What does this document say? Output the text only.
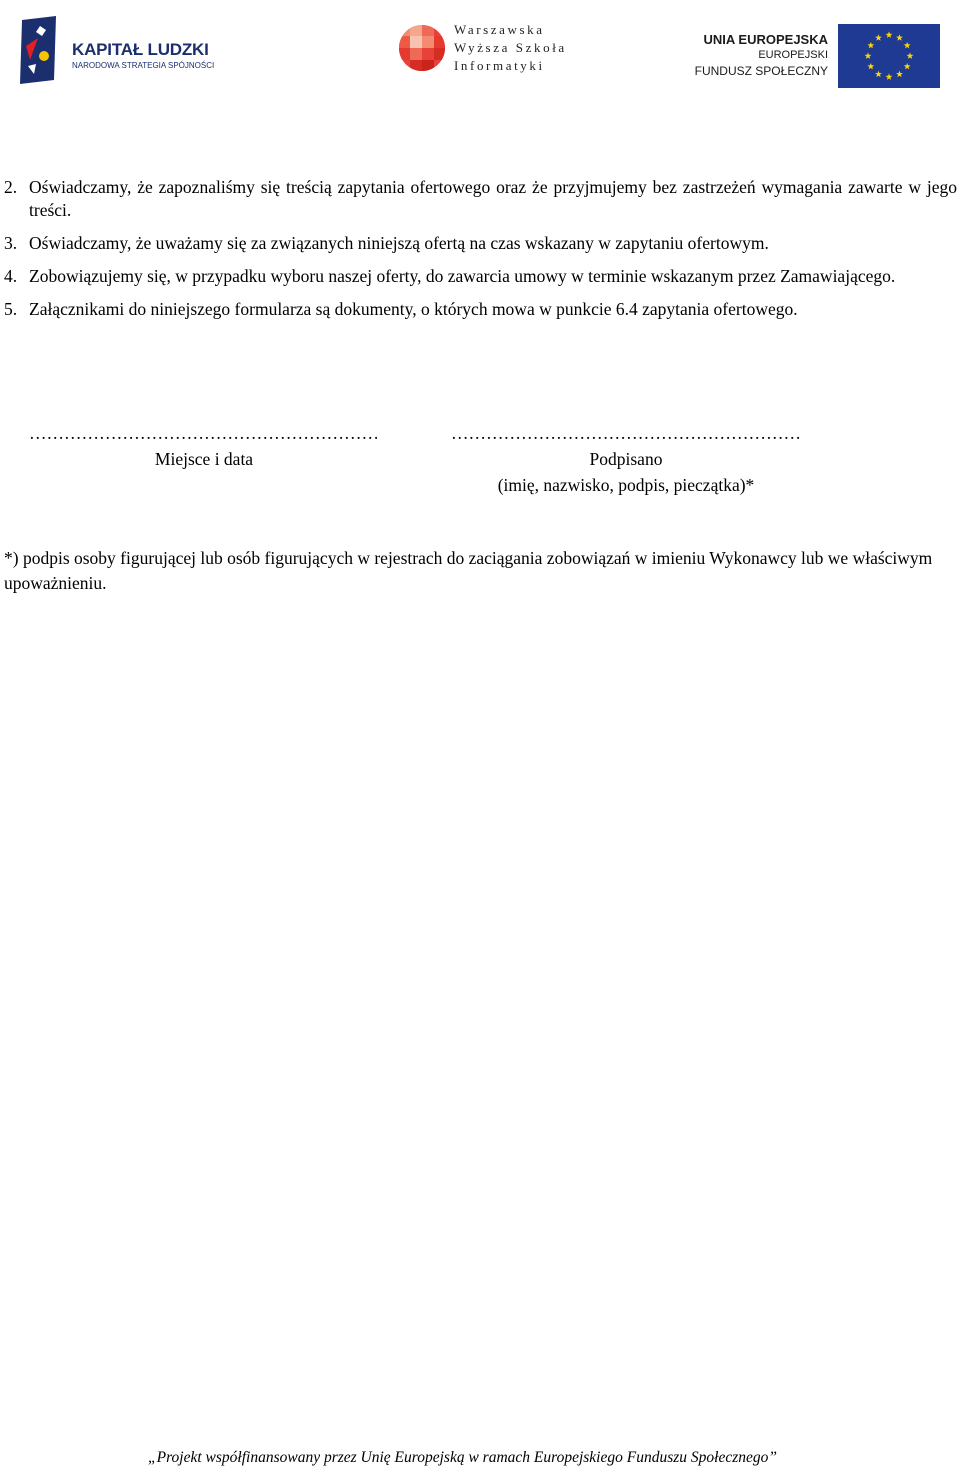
KAPITAŁ LUDZKI
NARODOWA STRATEGIA SPÓJNOŚCI
Warszawska
Wyższa Szkoła
Informatyki
UNIA EUROPEJSKA
EUROPEJSKI
FUNDUSZ SPOŁECZNY
2. Oświadczamy, że zapoznaliśmy się treścią zapytania ofertowego oraz że przyjmujemy bez zastrzeżeń wymagania zawarte w jego treści.
3. Oświadczamy, że uważamy się za związanych niniejszą ofertą na czas wskazany w zapytaniu ofertowym.
4. Zobowiązujemy się, w przypadku wyboru naszej oferty, do zawarcia umowy w terminie wskazanym przez Zamawiającego.
5. Załącznikami do niniejszego formularza są dokumenty, o których mowa w punkcie 6.4 zapytania ofertowego.
……………………………………………………
Miejsce i data
……………………………………………………
Podpisano
(imię, nazwisko, podpis, pieczątka)*
*) podpis osoby figurującej lub osób figurujących w rejestrach do zaciągania zobowiązań w imieniu Wykonawcy lub we właściwym upoważnieniu.
„Projekt współfinansowany przez Unię Europejską w ramach Europejskiego Funduszu Społecznego”
